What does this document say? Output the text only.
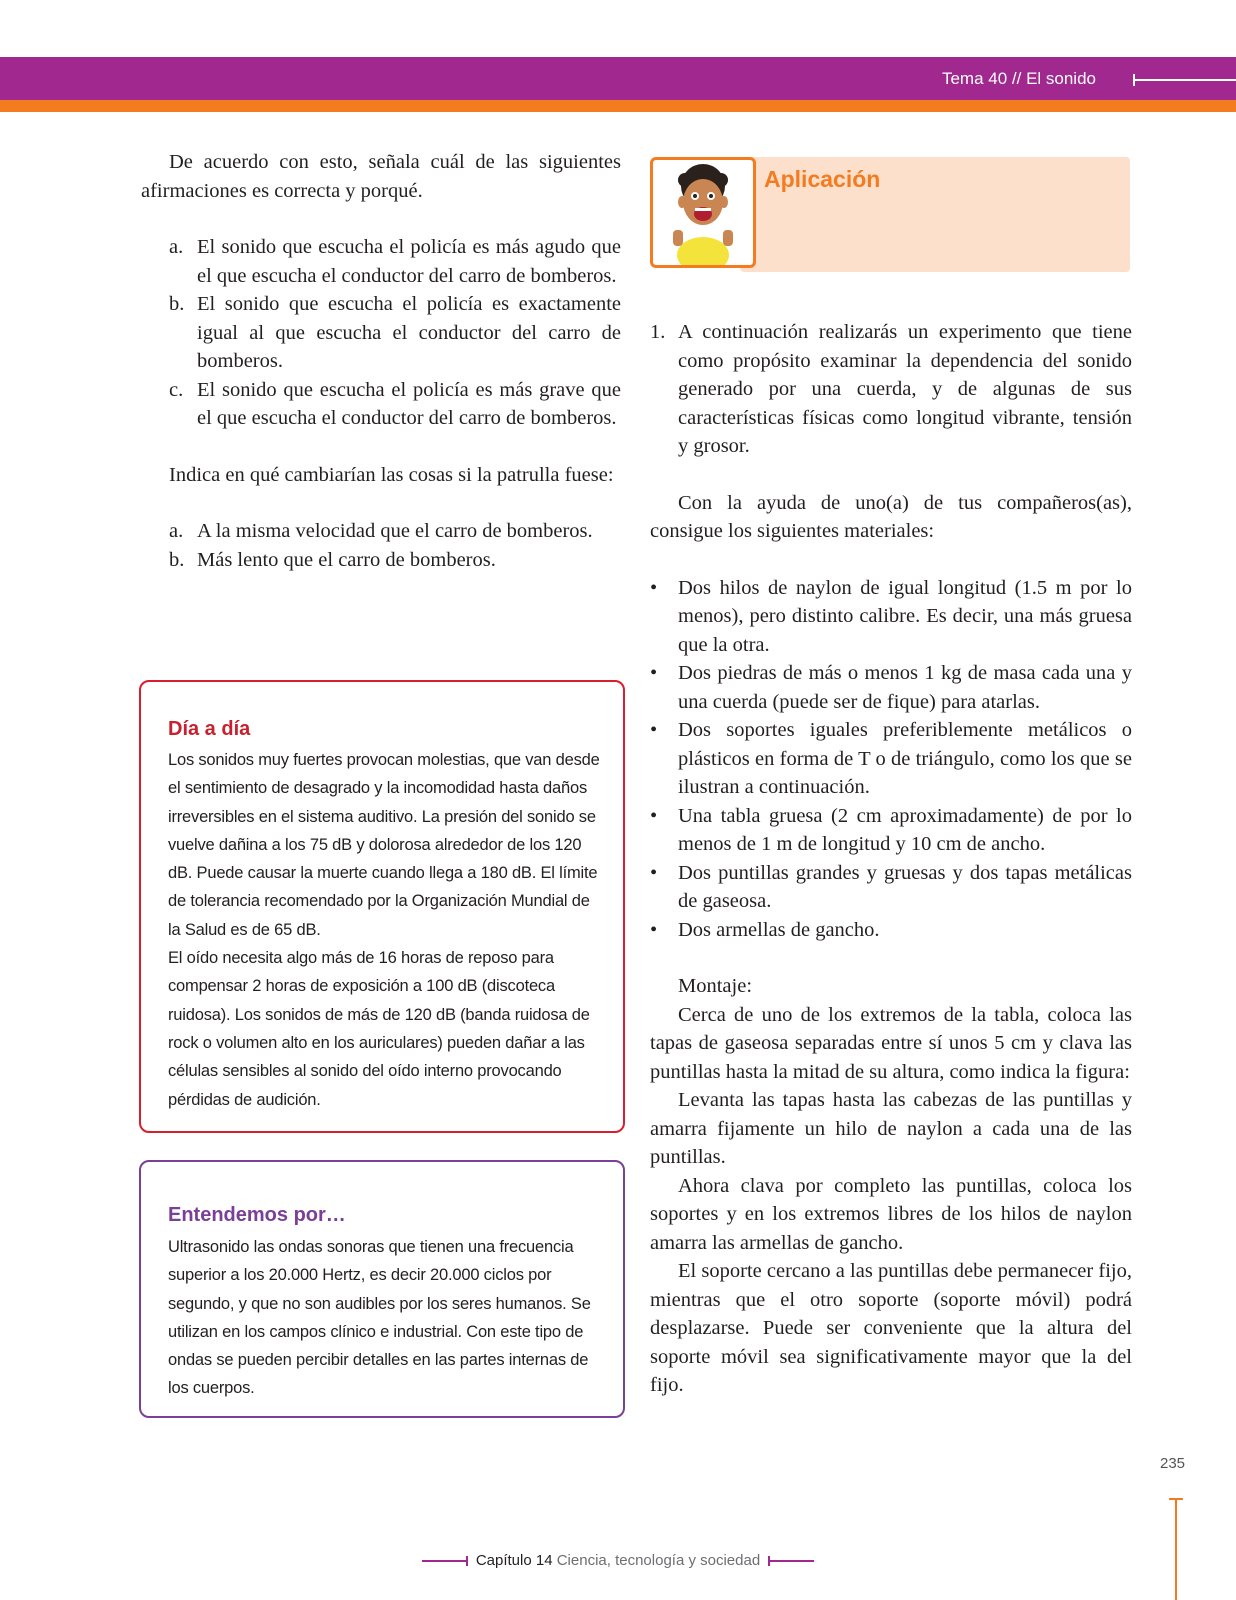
Tema 40 // El sonido

De acuerdo con esto, señala cuál de las siguientes afirmaciones es correcta y porqué.

a. El sonido que escucha el policía es más agudo que el que escucha el conductor del carro de bomberos.
b. El sonido que escucha el policía es exactamente igual al que escucha el conductor del carro de bomberos.
c. El sonido que escucha el policía es más grave que el que escucha el conductor del carro de bomberos.

Indica en qué cambiarían las cosas si la patrulla fuese:

a. A la misma velocidad que el carro de bomberos.
b. Más lento que el carro de bomberos.
Día a día

Los sonidos muy fuertes provocan molestias, que van desde el sentimiento de desagrado y la incomodidad hasta daños irreversibles en el sistema auditivo. La presión del sonido se vuelve dañina a los 75 dB y dolorosa alrededor de los 120 dB. Puede causar la muerte cuando llega a 180 dB. El límite de tolerancia recomendado por la Organización Mundial de la Salud es de 65 dB.

El oído necesita algo más de 16 horas de reposo para compensar 2 horas de exposición a 100 dB (discoteca ruidosa). Los sonidos de más de 120 dB (banda ruidosa de rock o volumen alto en los auriculares) pueden dañar a las células sensibles al sonido del oído interno provocando pérdidas de audición.

Entendemos por…

Ultrasonido las ondas sonoras que tienen una frecuencia superior a los 20.000 Hertz, es decir 20.000 ciclos por segundo, y que no son audibles por los seres humanos. Se utilizan en los campos clínico e industrial. Con este tipo de ondas se pueden percibir detalles en las partes internas de los cuerpos.

Aplicación
1. A continuación realizarás un experimento que tiene como propósito examinar la dependencia del sonido generado por una cuerda, y de algunas de sus características físicas como longitud vibrante, tensión y grosor.

Con la ayuda de uno(a) de tus compañeros(as), consigue los siguientes materiales:

•	Dos hilos de naylon de igual longitud (1.5 m por lo menos), pero distinto calibre. Es decir, una más gruesa que la otra.
•	Dos piedras de más o menos 1 kg de masa cada una y una cuerda (puede ser de fique) para atarlas.
•	Dos soportes iguales preferiblemente metálicos o plásticos en forma de T o de triángulo, como los que se ilustran a continuación.
•	Una tabla gruesa (2 cm aproximadamente) de por lo menos de 1 m de longitud y 10 cm de ancho.
•	Dos puntillas grandes y gruesas y dos tapas metálicas de gaseosa.
•	Dos armellas de gancho.

Montaje:

Cerca de uno de los extremos de la tabla, coloca las tapas de gaseosa separadas entre sí unos 5 cm y clava las puntillas hasta la mitad de su altura, como indica la figura:

Levanta las tapas hasta las cabezas de las puntillas y amarra fijamente un hilo de naylon a cada una de las puntillas.

Ahora clava por completo las puntillas, coloca los soportes y en los extremos libres de los hilos de naylon amarra las armellas de gancho.

El soporte cercano a las puntillas debe permanecer fijo, mientras que el otro soporte (soporte móvil) podrá desplazarse. Puede ser conveniente que la altura del soporte móvil sea significativamente mayor que la del fijo.

235
Capítulo 14 Ciencia, tecnología y sociedad
